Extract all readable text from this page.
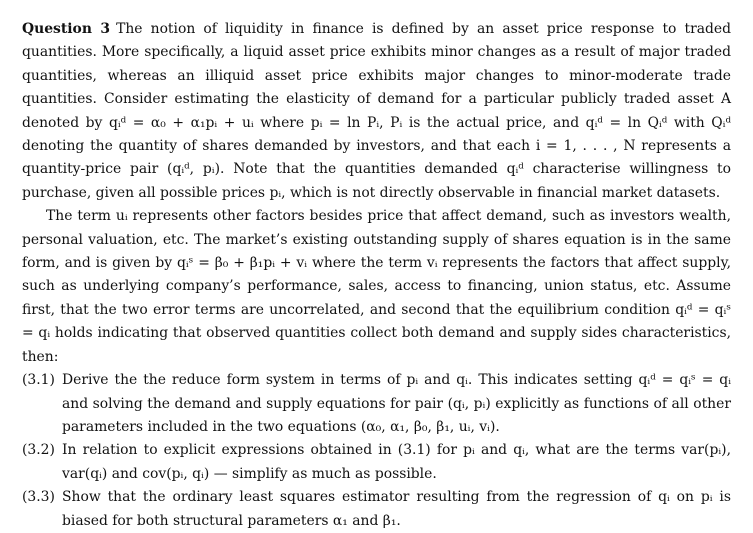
Question 3 The notion of liquidity in finance is defined by an asset price response to traded quantities. More specifically, a liquid asset price exhibits minor changes as a result of major traded quantities, whereas an illiquid asset price exhibits major changes to minor-moderate trade quantities. Consider estimating the elasticity of demand for a particular publicly traded asset A denoted by qᵢᵈ = α₀ + α₁pᵢ + uᵢ where pᵢ = ln Pᵢ, Pᵢ is the actual price, and qᵢᵈ = ln Qᵢᵈ with Qᵢᵈ denoting the quantity of shares demanded by investors, and that each i = 1, . . . , N represents a quantity-price pair (qᵢᵈ, pᵢ). Note that the quantities demanded qᵢᵈ characterise willingness to purchase, given all possible prices pᵢ, which is not directly observable in financial market datasets.

The term uᵢ represents other factors besides price that affect demand, such as investors wealth, personal valuation, etc. The market’s existing outstanding supply of shares equation is in the same form, and is given by qᵢˢ = β₀ + β₁pᵢ + vᵢ where the term vᵢ represents the factors that affect supply, such as underlying company’s performance, sales, access to financing, union status, etc. Assume first, that the two error terms are uncorrelated, and second that the equilibrium condition qᵢᵈ = qᵢˢ = qᵢ holds indicating that observed quantities collect both demand and supply sides characteristics, then:

(3.1) Derive the the reduce form system in terms of pᵢ and qᵢ. This indicates setting qᵢᵈ = qᵢˢ = qᵢ and solving the demand and supply equations for pair (qᵢ, pᵢ) explicitly as functions of all other parameters included in the two equations (α₀, α₁, β₀, β₁, uᵢ, vᵢ).
(3.2) In relation to explicit expressions obtained in (3.1) for pᵢ and qᵢ, what are the terms var(pᵢ), var(qᵢ) and cov(pᵢ, qᵢ) — simplify as much as possible.
(3.3) Show that the ordinary least squares estimator resulting from the regression of qᵢ on pᵢ is biased for both structural parameters α₁ and β₁.
